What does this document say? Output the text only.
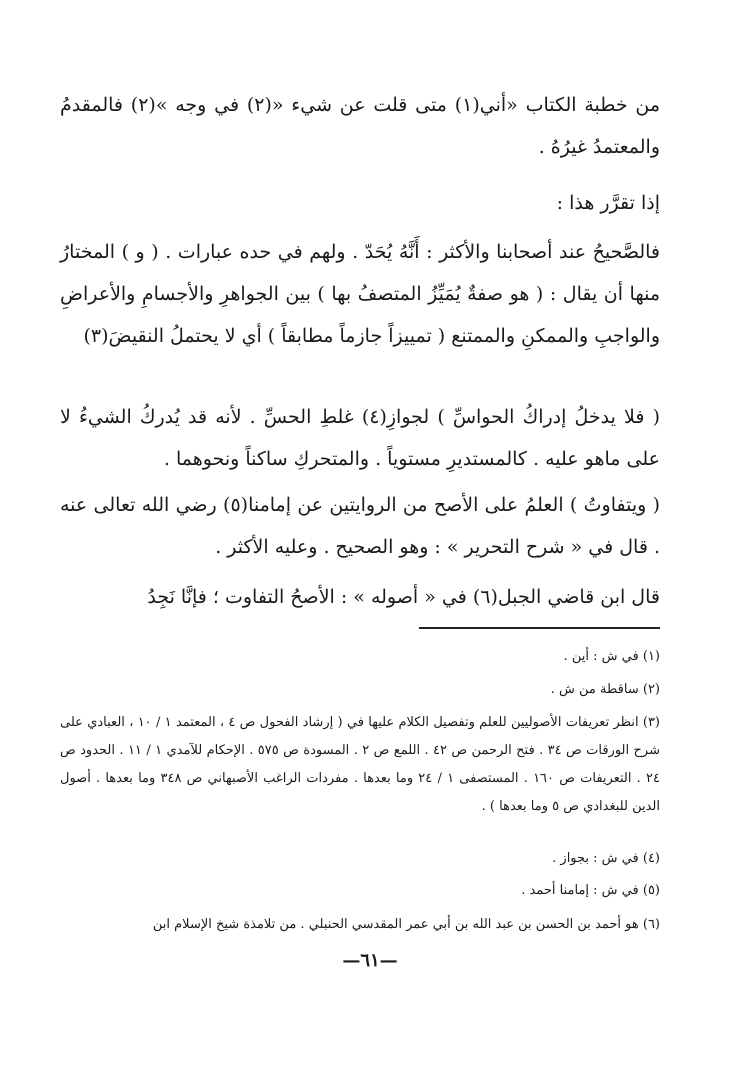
من خطبة الكتاب «أني(١) متى قلت عن شيء «(٢) في وجه »(٢) فالمقدمُ والمعتمدُ غيرُهُ .

إذا تقرَّر هذا :

فالصَّحيحُ عند أصحابنا والأكثر : أَنَّهُ يُحَدّ . ولهم في حده عبارات . ( و ) المختارُ منها أن يقال : ( هو صفةٌ يُمَيِّزُ المتصفُ بها ) بين الجواهرِ والأجسامِ والأعراضِ والواجبِ والممكنِ والممتنع ( تمييزاً جازماً مطابقاً ) أي لا يحتملُ النقيضَ(٣)

( فلا يدخلُ إدراكُ الحواسِّ ) لجوازِ(٤) غلطِ الحسِّ . لأنه قد يُدركُ الشيءُ لا على ماهو عليه . كالمستديرِ مستوياً . والمتحركِ ساكناً ونحوهما .

( ويتفاوتُ ) العلمُ على الأصح من الروايتين عن إمامنا(٥) رضي الله تعالى عنه . قال في « شرح التحرير » : وهو الصحيح . وعليه الأكثر .

قال ابن قاضي الجبل(٦) في « أصوله » : الأصحُ التفاوت ؛ فإنَّا نَجِدُ

(١) في ش : أين .

(٢) ساقطة من ش .

(٣) انظر تعريفات الأصوليين للعلم وتفصيل الكلام عليها في ( إرشاد الفحول ص ٤ ، المعتمد ١ / ١٠ ، العبادي على شرح الورقات ص ٣٤ . فتح الرحمن ص ٤٢ . اللمع ص ٢ . المسودة ص ٥٧٥ . الإحكام للآمدي ١ / ١١ . الحدود ص ٢٤ . التعريفات ص ١٦٠ . المستصفى ١ / ٢٤ وما بعدها . مفردات الراغب الأصبهاني ص ٣٤٨ وما بعدها . أصول الدين للبغدادي ص ٥ وما بعدها ) .

(٤) في ش : بجواز .

(٥) في ش : إمامنا أحمد .

(٦) هو أحمد بن الحسن بن عبد الله بن أبي عمر المقدسي الحنبلي . من تلامذة شيخ الإسلام ابن

—٦١—
